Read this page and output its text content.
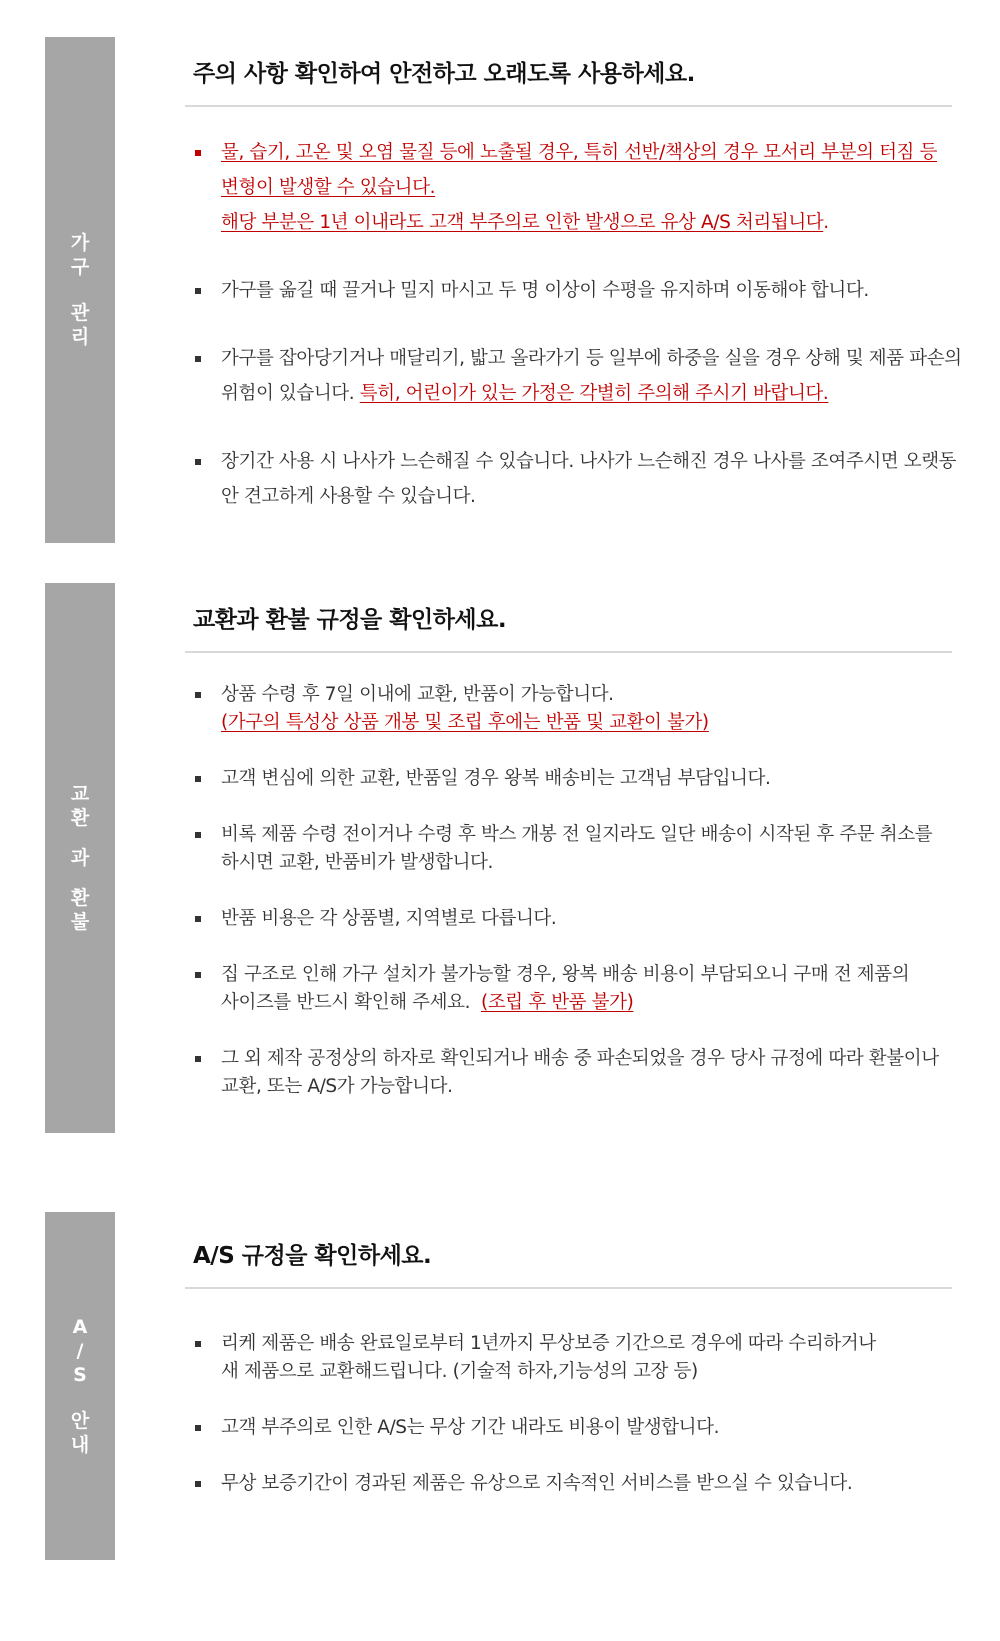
가
구
관
리
주의 사항 확인하여 안전하고 오래도록 사용하세요.
물, 습기, 고온 및 오염 물질 등에 노출될 경우, 특히 선반/책상의 경우 모서리 부분의 터짐 등
변형이 발생할 수 있습니다.
해당 부분은 1년 이내라도 고객 부주의로 인한 발생으로 유상 A/S 처리됩니다.
가구를 옮길 때 끌거나 밀지 마시고 두 명 이상이 수평을 유지하며 이동해야 합니다.
가구를 잡아당기거나 매달리기, 밟고 올라가기 등 일부에 하중을 실을 경우 상해 및 제품 파손의
위험이 있습니다. 특히, 어린이가 있는 가정은 각별히 주의해 주시기 바랍니다.
장기간 사용 시 나사가 느슨해질 수 있습니다. 나사가 느슨해진 경우 나사를 조여주시면 오랫동
안 견고하게 사용할 수 있습니다.
교
환
과
환
불
교환과 환불 규정을 확인하세요.
상품 수령 후 7일 이내에 교환, 반품이 가능합니다.
(가구의 특성상 상품 개봉 및 조립 후에는 반품 및 교환이 불가)
고객 변심에 의한 교환, 반품일 경우 왕복 배송비는 고객님 부담입니다.
비록 제품 수령 전이거나 수령 후 박스 개봉 전 일지라도 일단 배송이 시작된 후 주문 취소를
하시면 교환, 반품비가 발생합니다.
반품 비용은 각 상품별, 지역별로 다릅니다.
집 구조로 인해 가구 설치가 불가능할 경우, 왕복 배송 비용이 부담되오니 구매 전 제품의
사이즈를 반드시 확인해 주세요.  (조립 후 반품 불가)
그 외 제작 공정상의 하자로 확인되거나 배송 중 파손되었을 경우 당사 규정에 따라 환불이나
교환, 또는 A/S가 가능합니다.
A
/
S
안
내
A/S 규정을 확인하세요.
리케 제품은 배송 완료일로부터 1년까지 무상보증 기간으로 경우에 따라 수리하거나
새 제품으로 교환해드립니다. (기술적 하자,기능성의 고장 등)
고객 부주의로 인한 A/S는 무상 기간 내라도 비용이 발생합니다.
무상 보증기간이 경과된 제품은 유상으로 지속적인 서비스를 받으실 수 있습니다.
